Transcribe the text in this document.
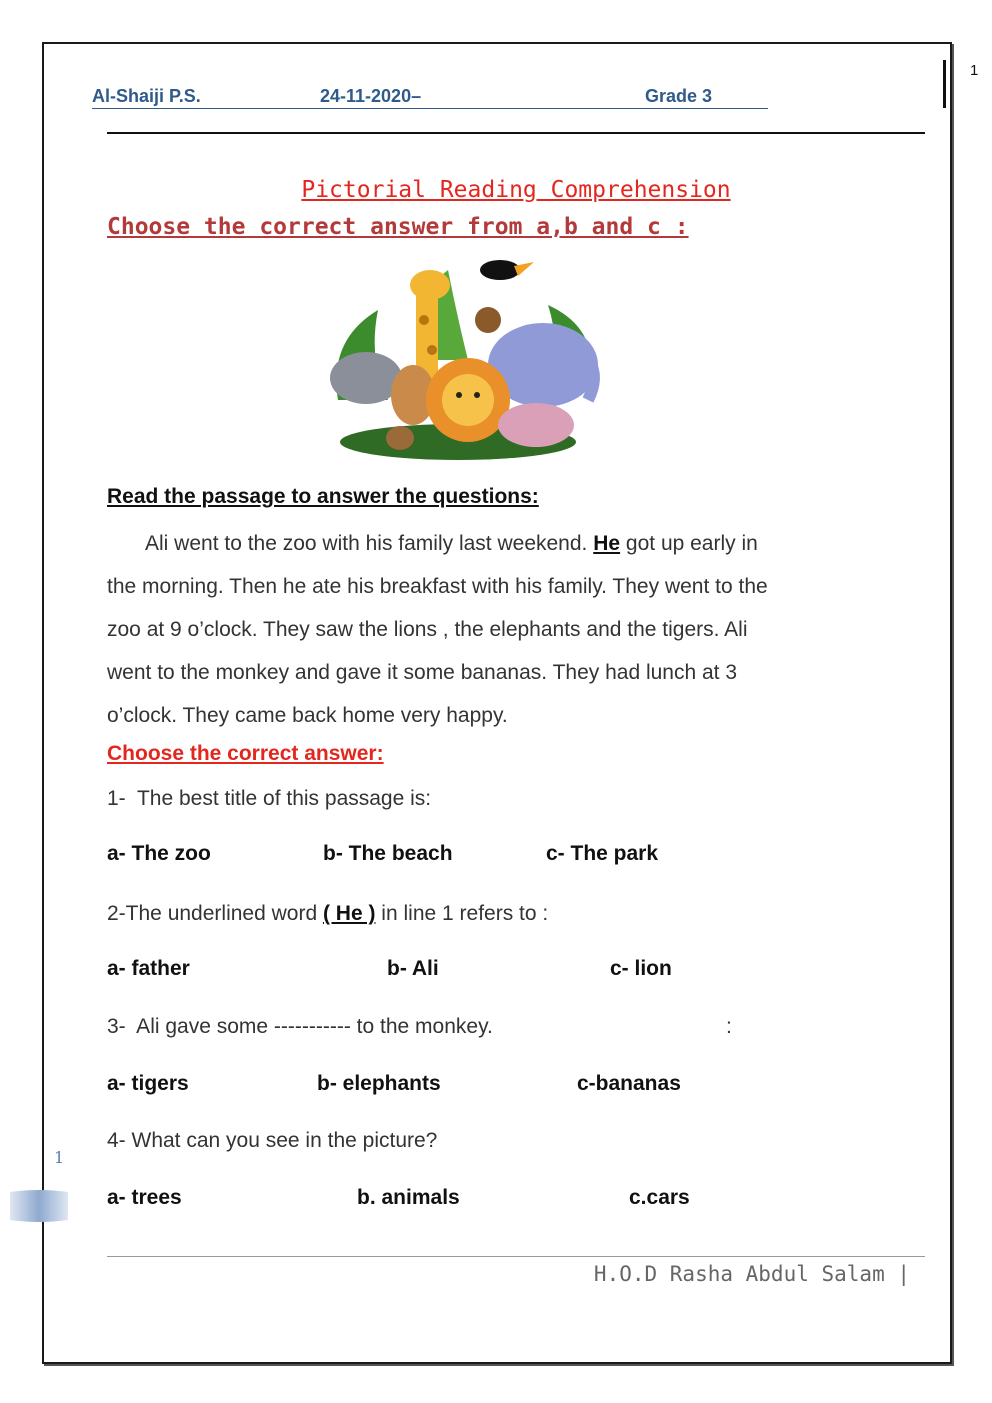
1
Al-Shaiji P.S.	24-11-2020–	Grade 3
Pictorial Reading Comprehension
Choose the correct answer from a,b and c :
Read the passage to answer the questions:
Ali went to the zoo with his family last weekend. He got up early in
the morning. Then he ate his breakfast with his family. They went to the
zoo at 9 o’clock. They saw the lions , the elephants and the tigers. Ali
went to the monkey and gave it some bananas. They had lunch at 3
o’clock. They came back home very happy.
Choose the correct answer:
1-  The best title of this passage is:
a- The zoo	b- The beach	c- The park
2-The underlined word ( He ) in line 1 refers to :
a- father	b- Ali	c- lion
3-  Ali gave some ----------- to the monkey.	:
a- tigers	b- elephants	c-bananas
4- What can you see in the picture?
a- trees	b. animals	c.cars
1
H.O.D Rasha Abdul Salam |
